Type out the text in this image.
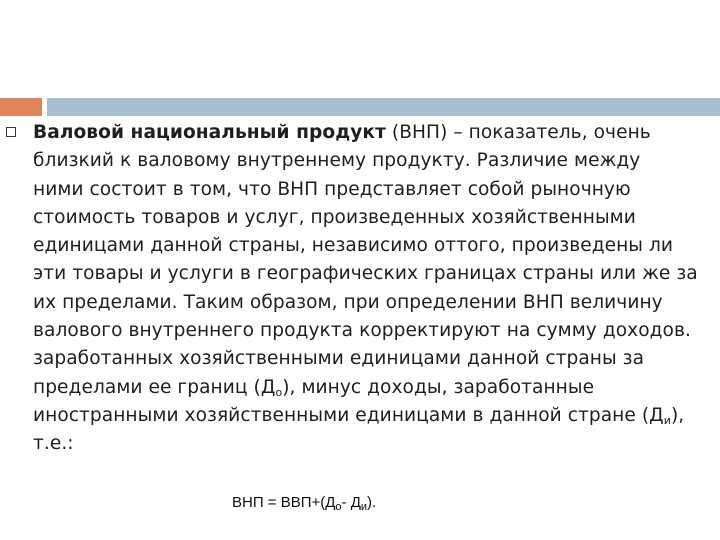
Валовой национальный продукт (ВНП) – показатель, очень
близкий к валовому внутреннему продукту. Различие между
ними состоит в том, что ВНП представляет собой рыночную
стоимость товаров и услуг, произведенных хозяйственными
единицами данной страны, независимо оттого, произведены ли
эти товары и услуги в географических границах страны или же за
их пределами. Таким образом, при определении ВНП величину
валового внутреннего продукта корректируют на сумму доходов.
заработанных хозяйственными единицами данной страны за
пределами ее границ $(Д_о)$, минус доходы, заработанные
иностранными хозяйственными единицами в данной стране $(Д_и)$,
т.е.:
ВНП = $ВВП+(Д_о-$ $Д_и$).
